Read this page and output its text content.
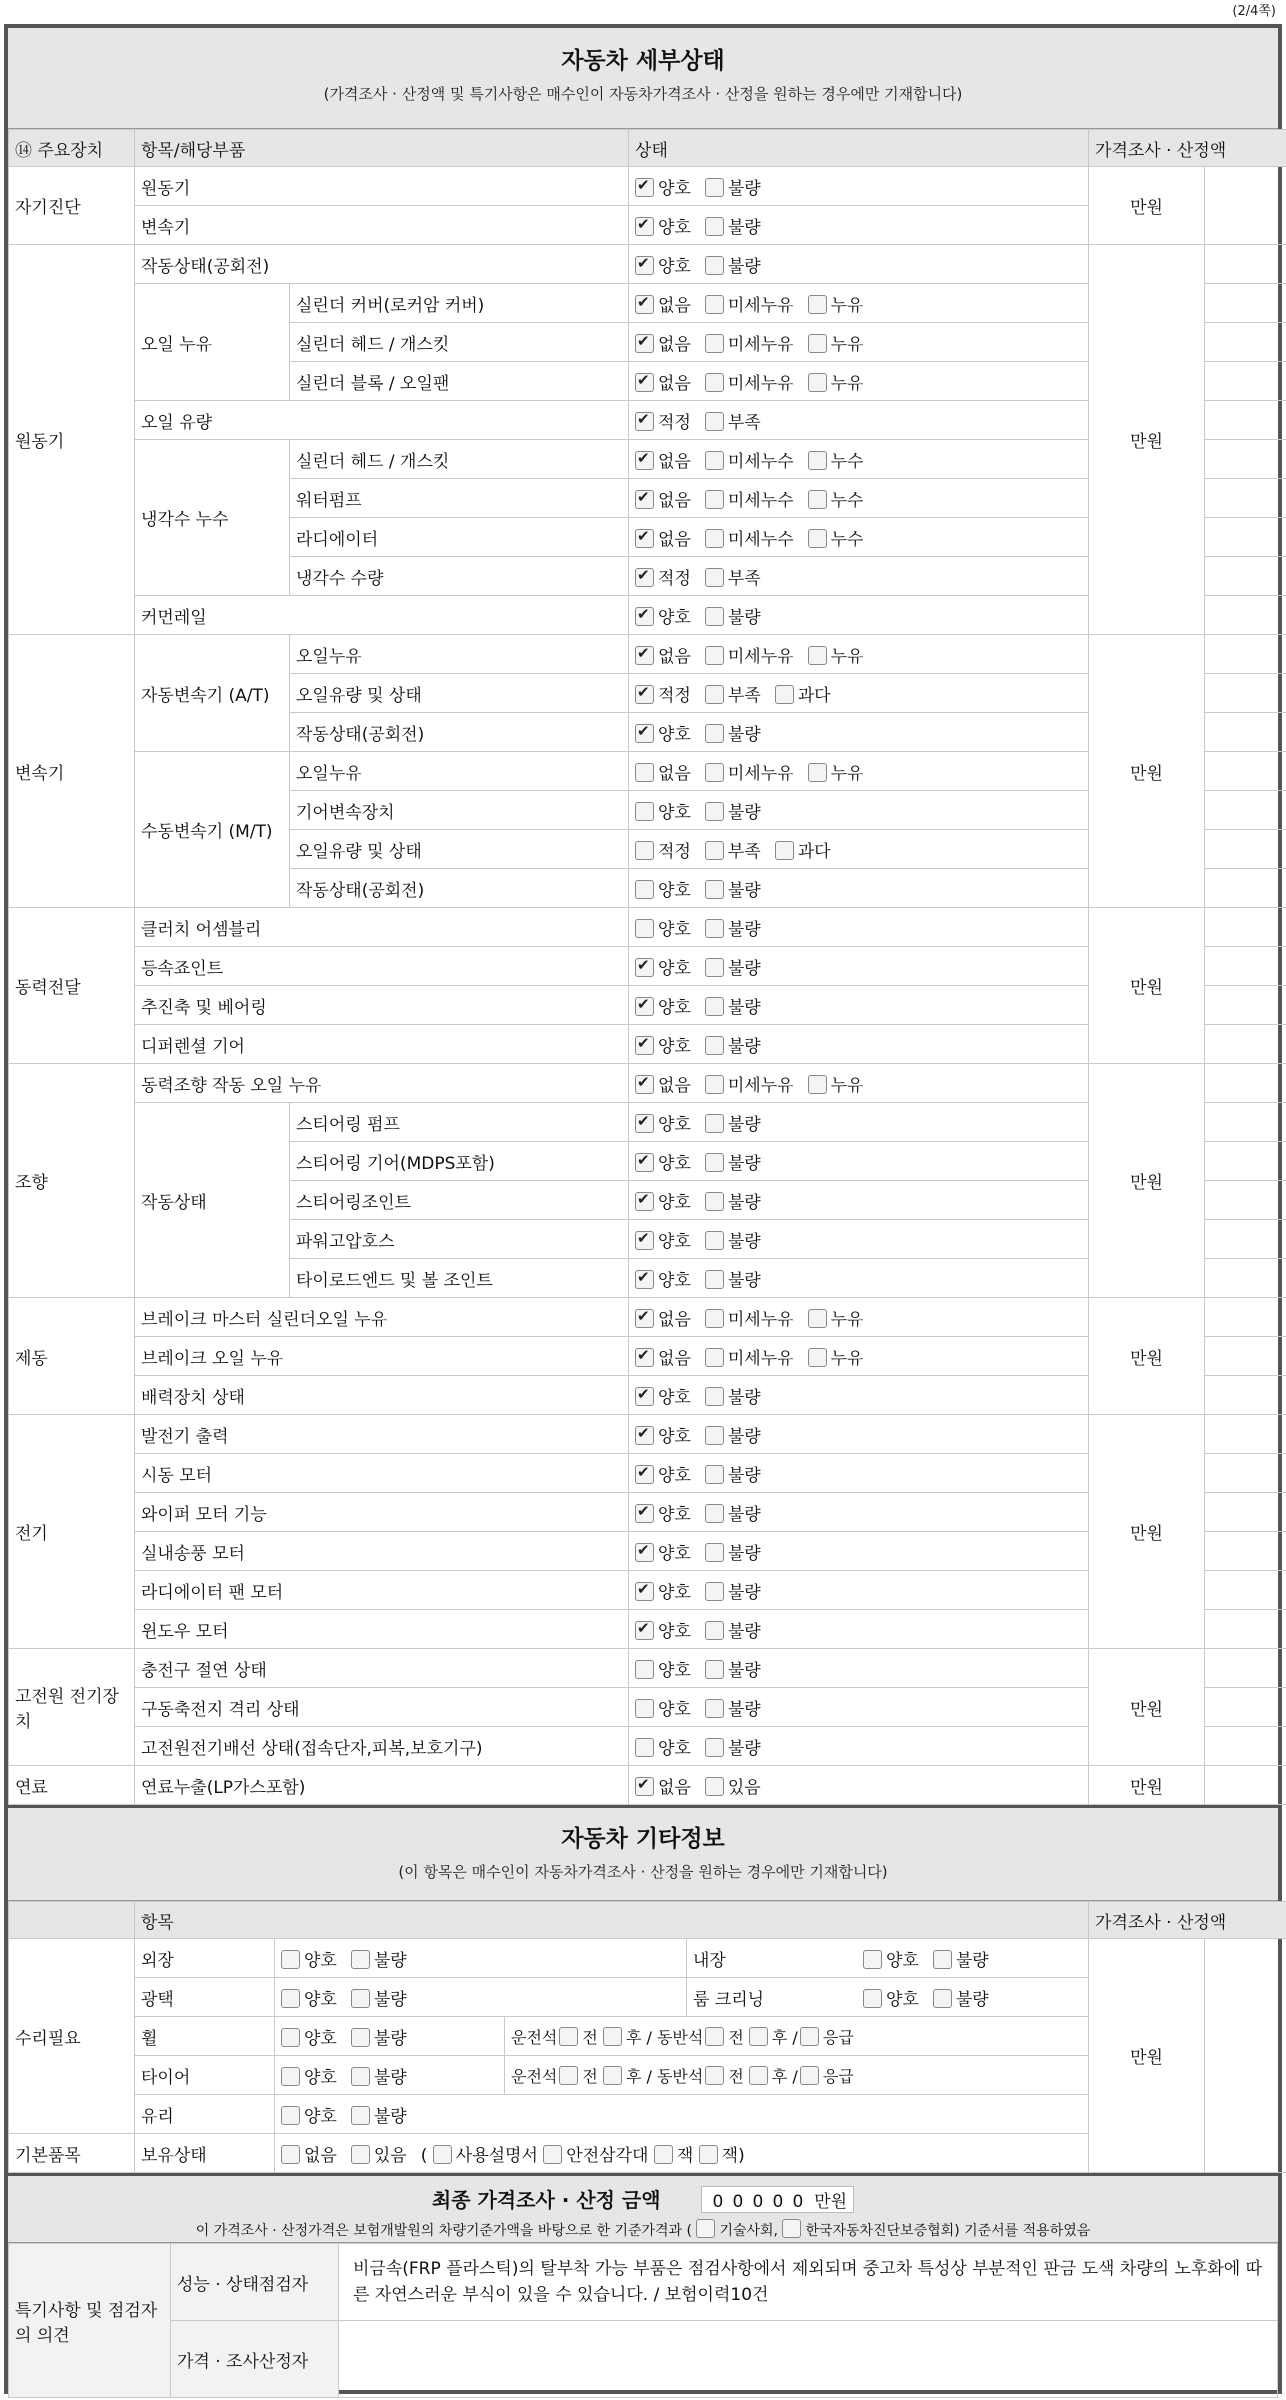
(2/4쪽)
자동차 세부상태
(가격조사 · 산정액 및 특기사항은 매수인이 자동차가격조사 · 산정을 원하는 경우에만 기재합니다)
⑭ 주요장치	항목/해당부품		상태	가격조사 · 산정액	
자기진단	원동기	✔양호 불량	만원	
	변속기	✔양호 불량
원동기	작동상태(공회전)	✔양호 불량	만원	
	오일 누유	실린더 커버(로커암 커버)	✔없음 미세누유 누유	
		실린더 헤드 / 개스킷	✔없음 미세누유 누유	
		실린더 블록 / 오일팬	✔없음 미세누유 누유	
	오일 유량	✔적정 부족	
	냉각수 누수	실린더 헤드 / 개스킷	✔없음 미세누수 누수	
		워터펌프	✔없음 미세누수 누수	
		라디에이터	✔없음 미세누수 누수	
		냉각수 수량	✔적정 부족	
	커먼레일	✔양호 불량	
변속기	자동변속기 (A/T)	오일누유	✔없음 미세누유 누유	만원	
		오일유량 및 상태	✔적정 부족 과다	
		작동상태(공회전)	✔양호 불량	
	수동변속기 (M/T)	오일누유	없음 미세누유 누유		
		기어변속장치	양호 불량		
		오일유량 및 상태	적정 부족 과다		
		작동상태(공회전)	양호 불량		
동력전달	클러치 어셈블리		양호 불량	만원	
	등속죠인트	✔양호 불량	
	추진축 및 베어링	✔양호 불량	
	디퍼렌셜 기어	✔양호 불량	
조향	동력조향 작동 오일 누유	✔없음 미세누유 누유	만원	
	작동상태	스티어링 펌프	✔양호 불량	
		스티어링 기어(MDPS포함)	✔양호 불량	
		스티어링조인트	✔양호 불량	
		파워고압호스	✔양호 불량	
		타이로드엔드 및 볼 조인트	✔양호 불량	
제동	브레이크 마스터 실린더오일 누유	✔없음 미세누유 누유	만원	
	브레이크 오일 누유	✔없음 미세누유 누유	
	배력장치 상태	✔양호 불량	
전기	발전기 출력	✔양호 불량	만원	
	시동 모터	✔양호 불량	
	와이퍼 모터 기능	✔양호 불량	
	실내송풍 모터	✔양호 불량	
	라디에이터 팬 모터	✔양호 불량	
	윈도우 모터	✔양호 불량	
고전원 전기장치	충전구 절연 상태		양호 불량	만원	
	구동축전지 격리 상태		양호 불량		
	고전원전기배선 상태(접속단자,피복,보호기구)		양호 불량		
연료	연료누출(LP가스포함)	✔없음 있음	만원	
자동차 기타정보
(이 항목은 매수인이 자동차가격조사 · 산정을 원하는 경우에만 기재합니다)
	항목				가격조사 · 산정액	
수리필요	외장	양호 불량		내장 양호 불량	만원	
	광택	양호 불량		룸 크리닝 양호 불량		
	휠	양호 불량	운전석 전 후 / 동반석 전 후 / 응급			
	타이어	양호 불량	운전석 전 후 / 동반석 전 후 / 응급			
	유리	양호 불량				
기본품목	보유상태	없음 있음 ( 사용설명서 안전삼각대 잭 잭)				
최종 가격조사 · 산정 금액	0 0 0 0 0 만원
이 가격조사 · 산정가격은 보험개발원의 차량기준가액을 바탕으로 한 기준가격과 ( 기술사회, 한국자동차진단보증협회) 기준서를 적용하였음
특기사항 및 점검자의 의견	성능 · 상태점검자	비금속(FRP 플라스틱)의 탈부착 가능 부품은 점검사항에서 제외되며 중고차 특성상 부분적인 판금 도색 차량의 노후화에 따른 자연스러운 부식이 있을 수 있습니다. / 보험이력10건
	가격 · 조사산정자	
